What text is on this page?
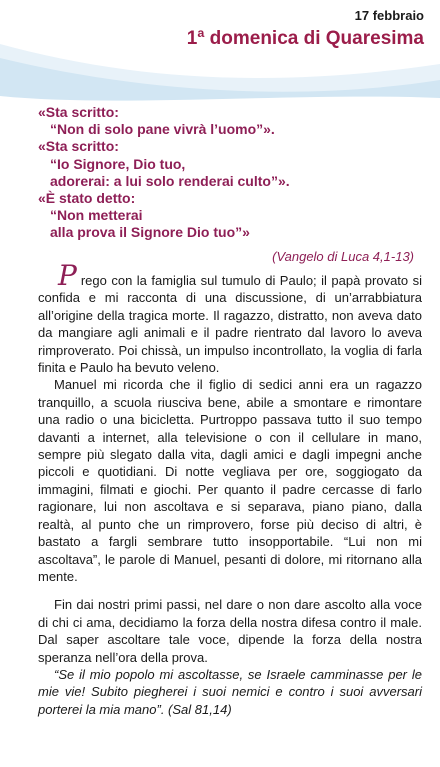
17 febbraio
1ª domenica di Quaresima
«Sta scritto:
“Non di solo pane vivrà l’uomo”».
«Sta scritto:
“Io Signore, Dio tuo,
adorerai: a lui solo renderai culto”».
«È stato detto:
“Non metterai
alla prova il Signore Dio tuo”»
(Vangelo di Luca 4,1-13)

Prego con la famiglia sul tumulo di Paulo; il papà provato si confida e mi racconta di una discussione, di un’arrabbiatura all’origine della tragica morte. Il ragazzo, distratto, non aveva dato da mangiare agli animali e il padre rientrato dal lavoro lo aveva rimproverato. Poi chissà, un impulso incontrollato, la voglia di farla finita e Paulo ha bevuto veleno.

Manuel mi ricorda che il figlio di sedici anni era un ragazzo tranquillo, a scuola riusciva bene, abile a smontare e rimontare una radio o una bicicletta. Purtroppo passava tutto il suo tempo davanti a internet, alla televisione o con il cellulare in mano, sempre più slegato dalla vita, dagli amici e dagli impegni anche piccoli e quotidiani. Di notte vegliava per ore, soggiogato da immagini, filmati e giochi. Per quanto il padre cercasse di farlo ragionare, lui non ascoltava e si separava, piano piano, dalla realtà, al punto che un rimprovero, forse più deciso di altri, è bastato a fargli sembrare tutto insopportabile. “Lui non mi ascoltava”, le parole di Manuel, pesanti di dolore, mi ritornano alla mente.

Fin dai nostri primi passi, nel dare o non dare ascolto alla voce di chi ci ama, decidiamo la forza della nostra difesa contro il male. Dal saper ascoltare tale voce, dipende la forza della nostra speranza nell’ora della prova.

“Se il mio popolo mi ascoltasse, se Israele camminasse per le mie vie! Subito piegherei i suoi nemici e contro i suoi avversari porterei la mia mano”. (Sal 81,14)
